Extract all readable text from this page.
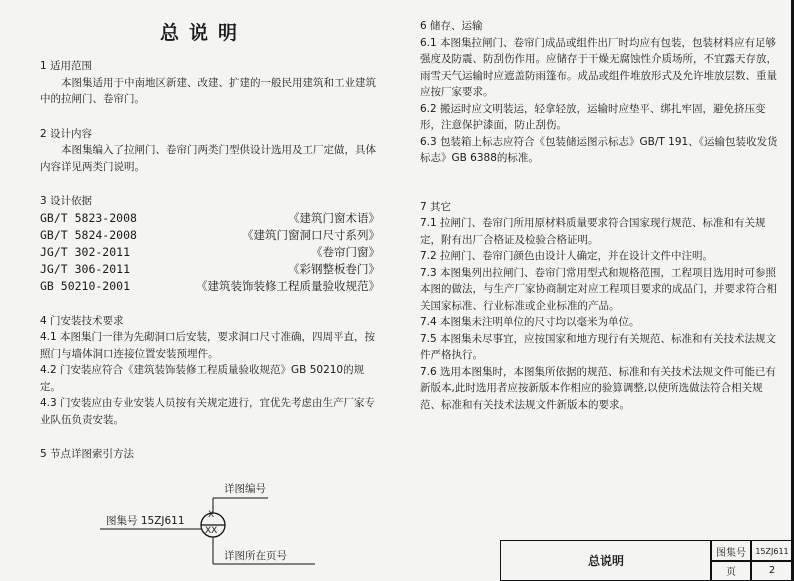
总说明

1 适用范围

本图集适用于中南地区新建、改建、扩建的一般民用建筑和工业建筑中的拉闸门、卷帘门。

2 设计内容

本图集编入了拉闸门、卷帘门两类门型供设计选用及工厂定做，具体内容详见两类门说明。

3 设计依据

GB/T 5823-2008	《建筑门窗术语》
GB/T 5824-2008	《建筑门窗洞口尺寸系列》
JG/T 302-2011	《卷帘门窗》
JG/T 306-2011	《彩钢整板卷门》
GB 50210-2001	《建筑装饰装修工程质量验收规范》

4 门安装技术要求

4.1 本图集门一律为先砌洞口后安装，要求洞口尺寸准确，四周平直，按照门与墙体洞口连接位置安装预埋件。

4.2 门安装应符合《建筑装饰装修工程质量验收规范》GB 50210的规定。

4.3 门安装应由专业安装人员按有关规定进行，宜优先考虑由生产厂家专业队伍负责安装。

5 节点详图索引方法

详图编号
图集号 15ZJ611	X
XX
详图所在页号

6 储存、运输

6.1 本图集拉闸门、卷帘门成品或组件出厂时均应有包装，包装材料应有足够强度及防震、防刮伤作用。应储存于干燥无腐蚀性介质场所，不宜露天存放，雨雪天气运输时应遮盖防雨篷布。成品或组件堆放形式及允许堆放层数、重量应按厂家要求。

6.2 搬运时应文明装运，轻拿轻放，运输时应垫平、绑扎牢固，避免挤压变形，注意保护漆面，防止刮伤。

6.3 包装箱上标志应符合《包装储运图示标志》GB/T 191、《运输包装收发货标志》GB 6388的标准。

7 其它

7.1 拉闸门、卷帘门所用原材料质量要求符合国家现行规范、标准和有关规定，附有出厂合格证及检验合格证明。

7.2 拉闸门、卷帘门颜色由设计人确定，并在设计文件中注明。

7.3 本图集列出拉闸门、卷帘门常用型式和规格范围，工程项目选用时可参照本图的做法，与生产厂家协商制定对应工程项目要求的成品门，并要求符合相关国家标准、行业标准或企业标准的产品。

7.4 本图集未注明单位的尺寸均以毫米为单位。

7.5 本图集未尽事宜，应按国家和地方现行有关规范、标准和有关技术法规文件严格执行。

7.6 选用本图集时，本图集所依据的规范、标准和有关技术法规文件可能已有新版本,此时选用者应按新版本作相应的验算调整,以使所选做法符合相关规范、标准和有关技术法规文件新版本的要求。

总说明
图集号	15ZJ611
页	2
